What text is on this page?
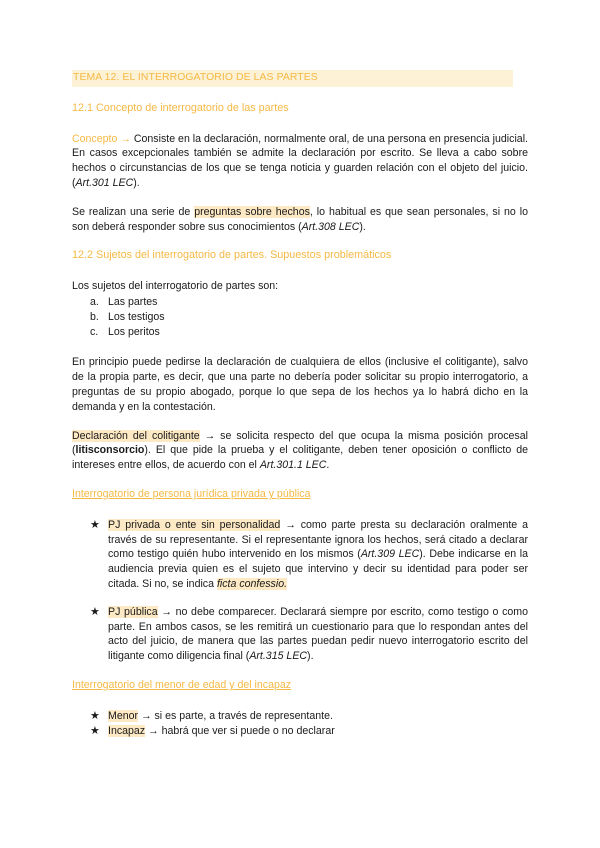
TEMA 12. EL INTERROGATORIO DE LAS PARTES
12.1 Concepto de interrogatorio de las partes

Concepto → Consiste en la declaración, normalmente oral, de una persona en presencia judicial. En casos excepcionales también se admite la declaración por escrito. Se lleva a cabo sobre hechos o circunstancias de los que se tenga noticia y guarden relación con el objeto del juicio. (Art.301 LEC).

Se realizan una serie de preguntas sobre hechos, lo habitual es que sean personales, si no lo son deberá responder sobre sus conocimientos (Art.308 LEC).

12.2 Sujetos del interrogatorio de partes. Supuestos problemáticos

Los sujetos del interrogatorio de partes son:

a. Las partes
b. Los testigos
c. Los peritos

En principio puede pedirse la declaración de cualquiera de ellos (inclusive el colitigante), salvo de la propia parte, es decir, que una parte no debería poder solicitar su propio interrogatorio, a preguntas de su propio abogado, porque lo que sepa de los hechos ya lo habrá dicho en la demanda y en la contestación.

Declaración del colitigante → se solicita respecto del que ocupa la misma posición procesal (litisconsorcio). El que pide la prueba y el colitigante, deben tener oposición o conflicto de intereses entre ellos, de acuerdo con el Art.301.1 LEC.

Interrogatorio de persona jurídica privada y pública
★ PJ privada o ente sin personalidad → como parte presta su declaración oralmente a través de su representante. Si el representante ignora los hechos, será citado a declarar como testigo quién hubo intervenido en los mismos (Art.309 LEC). Debe indicarse en la audiencia previa quien es el sujeto que intervino y decir su identidad para poder ser citada. Si no, se indica ficta confessio.
★ PJ pública → no debe comparecer. Declarará siempre por escrito, como testigo o como parte. En ambos casos, se les remitirá un cuestionario para que lo respondan antes del acto del juicio, de manera que las partes puedan pedir nuevo interrogatorio escrito del litigante como diligencia final (Art.315 LEC).
Interrogatorio del menor de edad y del incapaz
★ Menor → si es parte, a través de representante.
★ Incapaz → habrá que ver si puede o no declarar
